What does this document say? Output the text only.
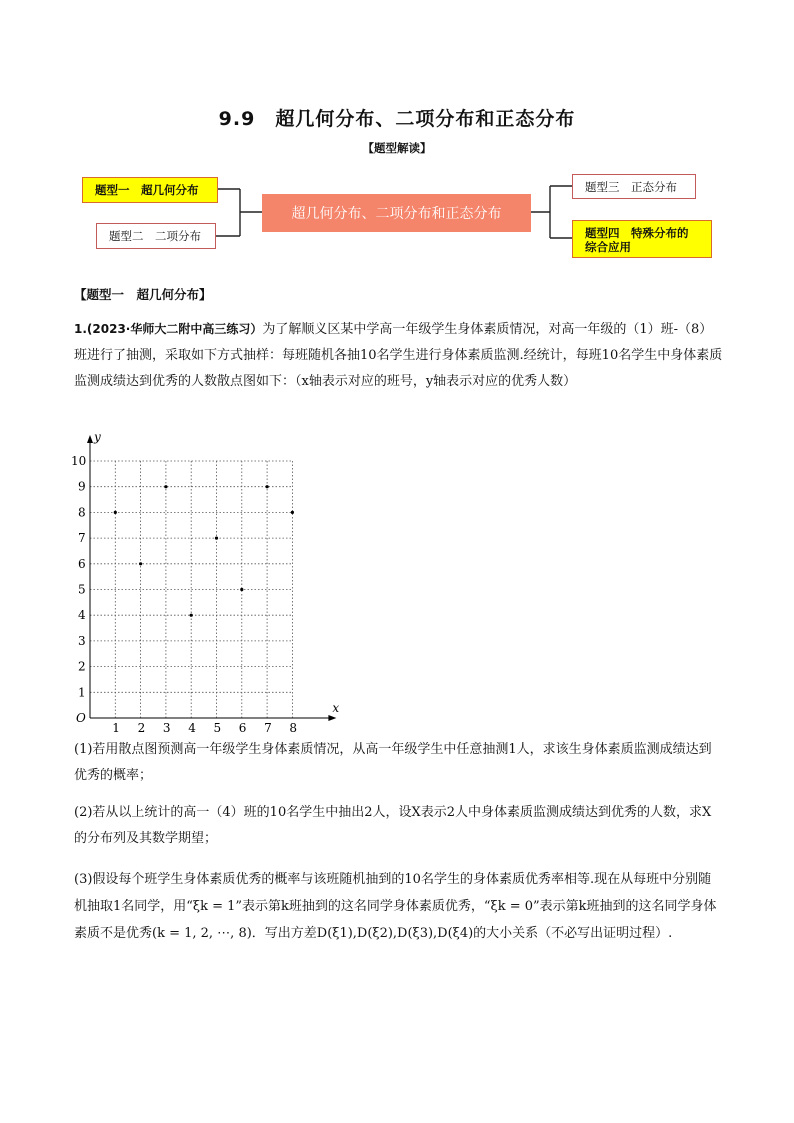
9.9　超几何分布、二项分布和正态分布
【题型解读】
题型一　超几何分布
题型二　二项分布
超几何分布、二项分布和正态分布
题型三　正态分布
题型四　特殊分布的
综合应用
【题型一　超几何分布】
1.(2023·华师大二附中高三练习）为了解顺义区某中学高一年级学生身体素质情况，对高一年级的（1）班-（8）班进行了抽测，采取如下方式抽样：每班随机各抽10名学生进行身体素质监测.经统计，每班10名学生中身体素质监测成绩达到优秀的人数散点图如下：（x轴表示对应的班号，y轴表示对应的优秀人数）
x
y
O
1 2 3 4 5 6 7 8
1
2
3
4
5
6
7
8
9
10
(1)若用散点图预测高一年级学生身体素质情况，从高一年级学生中任意抽测1人，求该生身体素质监测成绩达到优秀的概率；
(2)若从以上统计的高一（4）班的10名学生中抽出2人，设X表示2人中身体素质监测成绩达到优秀的人数，求X的分布列及其数学期望；
(3)假设每个班学生身体素质优秀的概率与该班随机抽到的10名学生的身体素质优秀率相等.现在从每班中分别随机抽取1名同学，用“ξk = 1”表示第k班抽到的这名同学身体素质优秀，“ξk = 0”表示第k班抽到的这名同学身体素质不是优秀(k = 1, 2, ⋯, 8)．写出方差D(ξ1),D(ξ2),D(ξ3),D(ξ4)的大小关系（不必写出证明过程）.
